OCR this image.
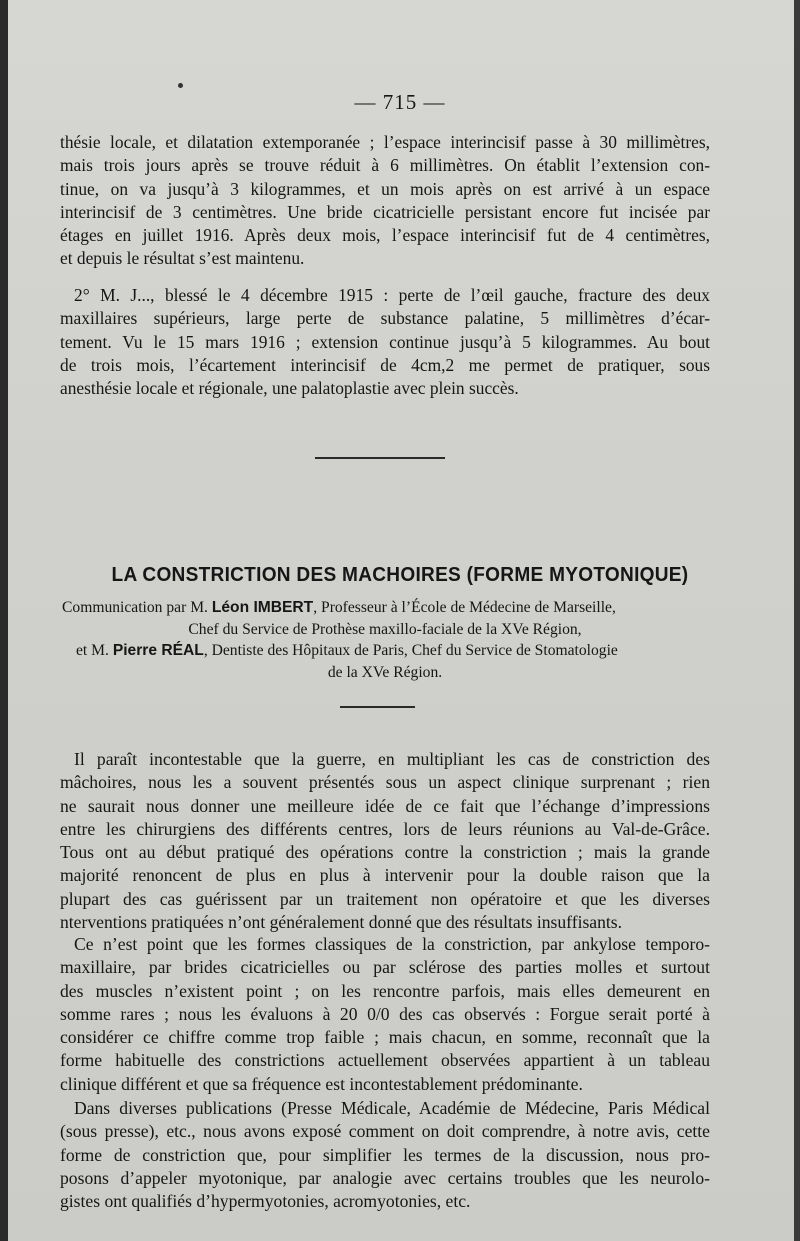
— 715 —

thésie locale, et dilatation extemporanée ; l’espace interincisif passe à 30 millimètres,
mais trois jours après se trouve réduit à 6 millimètres. On établit l’extension con-
tinue, on va jusqu’à 3 kilogrammes, et un mois après on est arrivé à un espace
interincisif de 3 centimètres. Une bride cicatricielle persistant encore fut incisée par
étages en juillet 1916. Après deux mois, l’espace interincisif fut de 4 centimètres,
et depuis le résultat s’est maintenu.

2° M. J..., blessé le 4 décembre 1915 : perte de l’œil gauche, fracture des deux
maxillaires supérieurs, large perte de substance palatine, 5 millimètres d’écar-
tement. Vu le 15 mars 1916 ; extension continue jusqu’à 5 kilogrammes. Au bout
de trois mois, l’écartement interincisif de 4cm,2 me permet de pratiquer, sous
anesthésie locale et régionale, une palatoplastie avec plein succès.

LA CONSTRICTION DES MACHOIRES (FORME MYOTONIQUE)
Communication par M. Léon IMBERT, Professeur à l’École de Médecine de Marseille,
Chef du Service de Prothèse maxillo-faciale de la XVe Région,
et M. Pierre RÉAL, Dentiste des Hôpitaux de Paris, Chef du Service de Stomatologie
de la XVe Région.

Il paraît incontestable que la guerre, en multipliant les cas de constriction des
mâchoires, nous les a souvent présentés sous un aspect clinique surprenant ; rien
ne saurait nous donner une meilleure idée de ce fait que l’échange d’impressions
entre les chirurgiens des différents centres, lors de leurs réunions au Val-de-Grâce.
Tous ont au début pratiqué des opérations contre la constriction ; mais la grande
majorité renoncent de plus en plus à intervenir pour la double raison que la
plupart des cas guérissent par un traitement non opératoire et que les diverses
nterventions pratiquées n’ont généralement donné que des résultats insuffisants.

Ce n’est point que les formes classiques de la constriction, par ankylose temporo-
maxillaire, par brides cicatricielles ou par sclérose des parties molles et surtout
des muscles n’existent point ; on les rencontre parfois, mais elles demeurent en
somme rares ; nous les évaluons à 20 0/0 des cas observés : Forgue serait porté à
considérer ce chiffre comme trop faible ; mais chacun, en somme, reconnaît que la
forme habituelle des constrictions actuellement observées appartient à un tableau
clinique différent et que sa fréquence est incontestablement prédominante.

Dans diverses publications (Presse Médicale, Académie de Médecine, Paris Médical
(sous presse), etc., nous avons exposé comment on doit comprendre, à notre avis, cette
forme de constriction que, pour simplifier les termes de la discussion, nous pro-
posons d’appeler myotonique, par analogie avec certains troubles que les neurolo-
gistes ont qualifiés d’hypermyotonies, acromyotonies, etc.
